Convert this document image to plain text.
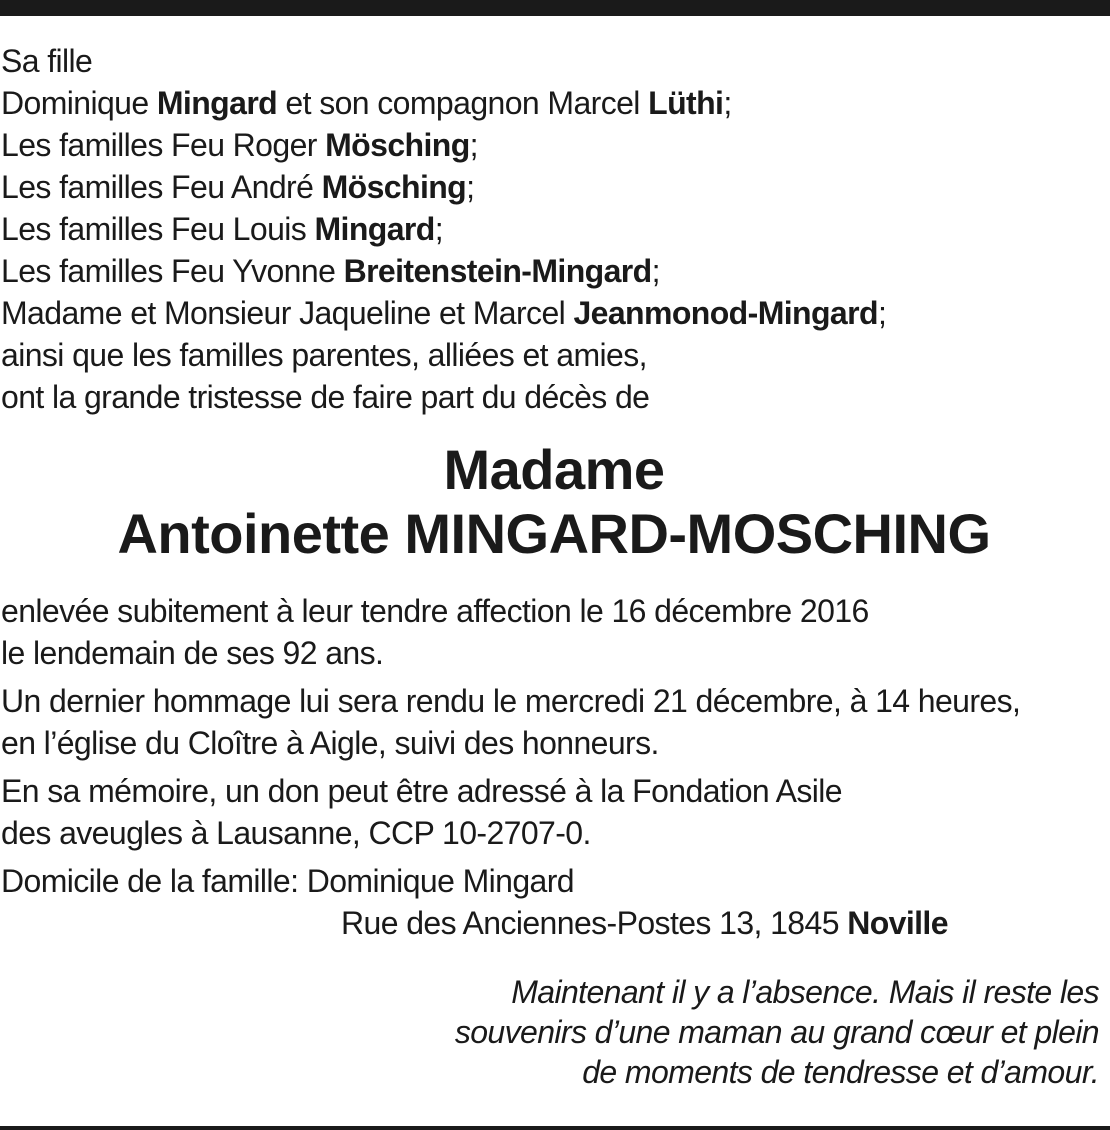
Sa fille
Dominique Mingard et son compagnon Marcel Lüthi;
Les familles Feu Roger Mösching;
Les familles Feu André Mösching;
Les familles Feu Louis Mingard;
Les familles Feu Yvonne Breitenstein-Mingard;
Madame et Monsieur Jaqueline et Marcel Jeanmonod-Mingard;
ainsi que les familles parentes, alliées et amies,
ont la grande tristesse de faire part du décès de
Madame
Antoinette MINGARD-MOSCHING
enlevée subitement à leur tendre affection le 16 décembre 2016
le lendemain de ses 92 ans.
Un dernier hommage lui sera rendu le mercredi 21 décembre, à 14 heures,
en l’église du Cloître à Aigle, suivi des honneurs.
En sa mémoire, un don peut être adressé à la Fondation Asile
des aveugles à Lausanne, CCP 10-2707-0.
Domicile de la famille: Dominique Mingard
Rue des Anciennes-Postes 13, 1845 Noville
Maintenant il y a l’absence. Mais il reste les
souvenirs d’une maman au grand cœur et plein
de moments de tendresse et d’amour.
